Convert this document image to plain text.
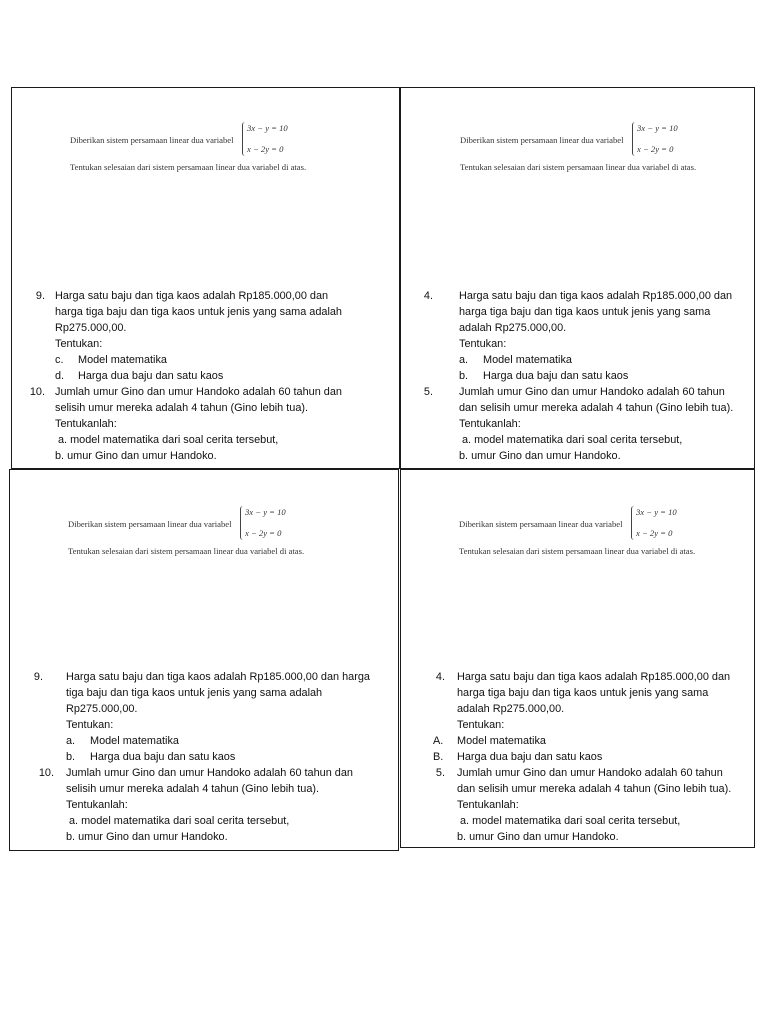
Diberikan sistem persamaan linear dua variabel
3x − y = 10
x − 2y = 0
Tentukan selesaian dari sistem persamaan linear dua variabel di atas.
9. Harga satu baju dan tiga kaos adalah Rp185.000,00 dan
harga tiga baju dan tiga kaos untuk jenis yang sama adalah
Rp275.000,00.
Tentukan:
c. Model matematika
d. Harga dua baju dan satu kaos
10. Jumlah umur Gino dan umur Handoko adalah 60 tahun dan
selisih umur mereka adalah 4 tahun (Gino lebih tua).
Tentukanlah:
a. model matematika dari soal cerita tersebut,
b. umur Gino dan umur Handoko.
Diberikan sistem persamaan linear dua variabel
3x − y = 10
x − 2y = 0
Tentukan selesaian dari sistem persamaan linear dua variabel di atas.
4. Harga satu baju dan tiga kaos adalah Rp185.000,00 dan
harga tiga baju dan tiga kaos untuk jenis yang sama
adalah Rp275.000,00.
Tentukan:
a. Model matematika
b. Harga dua baju dan satu kaos
5. Jumlah umur Gino dan umur Handoko adalah 60 tahun
dan selisih umur mereka adalah 4 tahun (Gino lebih tua).
Tentukanlah:
a. model matematika dari soal cerita tersebut,
b. umur Gino dan umur Handoko.
Diberikan sistem persamaan linear dua variabel
3x − y = 10
x − 2y = 0
Tentukan selesaian dari sistem persamaan linear dua variabel di atas.
9. Harga satu baju dan tiga kaos adalah Rp185.000,00 dan harga
tiga baju dan tiga kaos untuk jenis yang sama adalah
Rp275.000,00.
Tentukan:
a. Model matematika
b. Harga dua baju dan satu kaos
10. Jumlah umur Gino dan umur Handoko adalah 60 tahun dan
selisih umur mereka adalah 4 tahun (Gino lebih tua).
Tentukanlah:
a. model matematika dari soal cerita tersebut,
b. umur Gino dan umur Handoko.
Diberikan sistem persamaan linear dua variabel
3x − y = 10
x − 2y = 0
Tentukan selesaian dari sistem persamaan linear dua variabel di atas.
4. Harga satu baju dan tiga kaos adalah Rp185.000,00 dan
harga tiga baju dan tiga kaos untuk jenis yang sama
adalah Rp275.000,00.
Tentukan:
A. Model matematika
B. Harga dua baju dan satu kaos
5. Jumlah umur Gino dan umur Handoko adalah 60 tahun
dan selisih umur mereka adalah 4 tahun (Gino lebih tua).
Tentukanlah:
a. model matematika dari soal cerita tersebut,
b. umur Gino dan umur Handoko.
